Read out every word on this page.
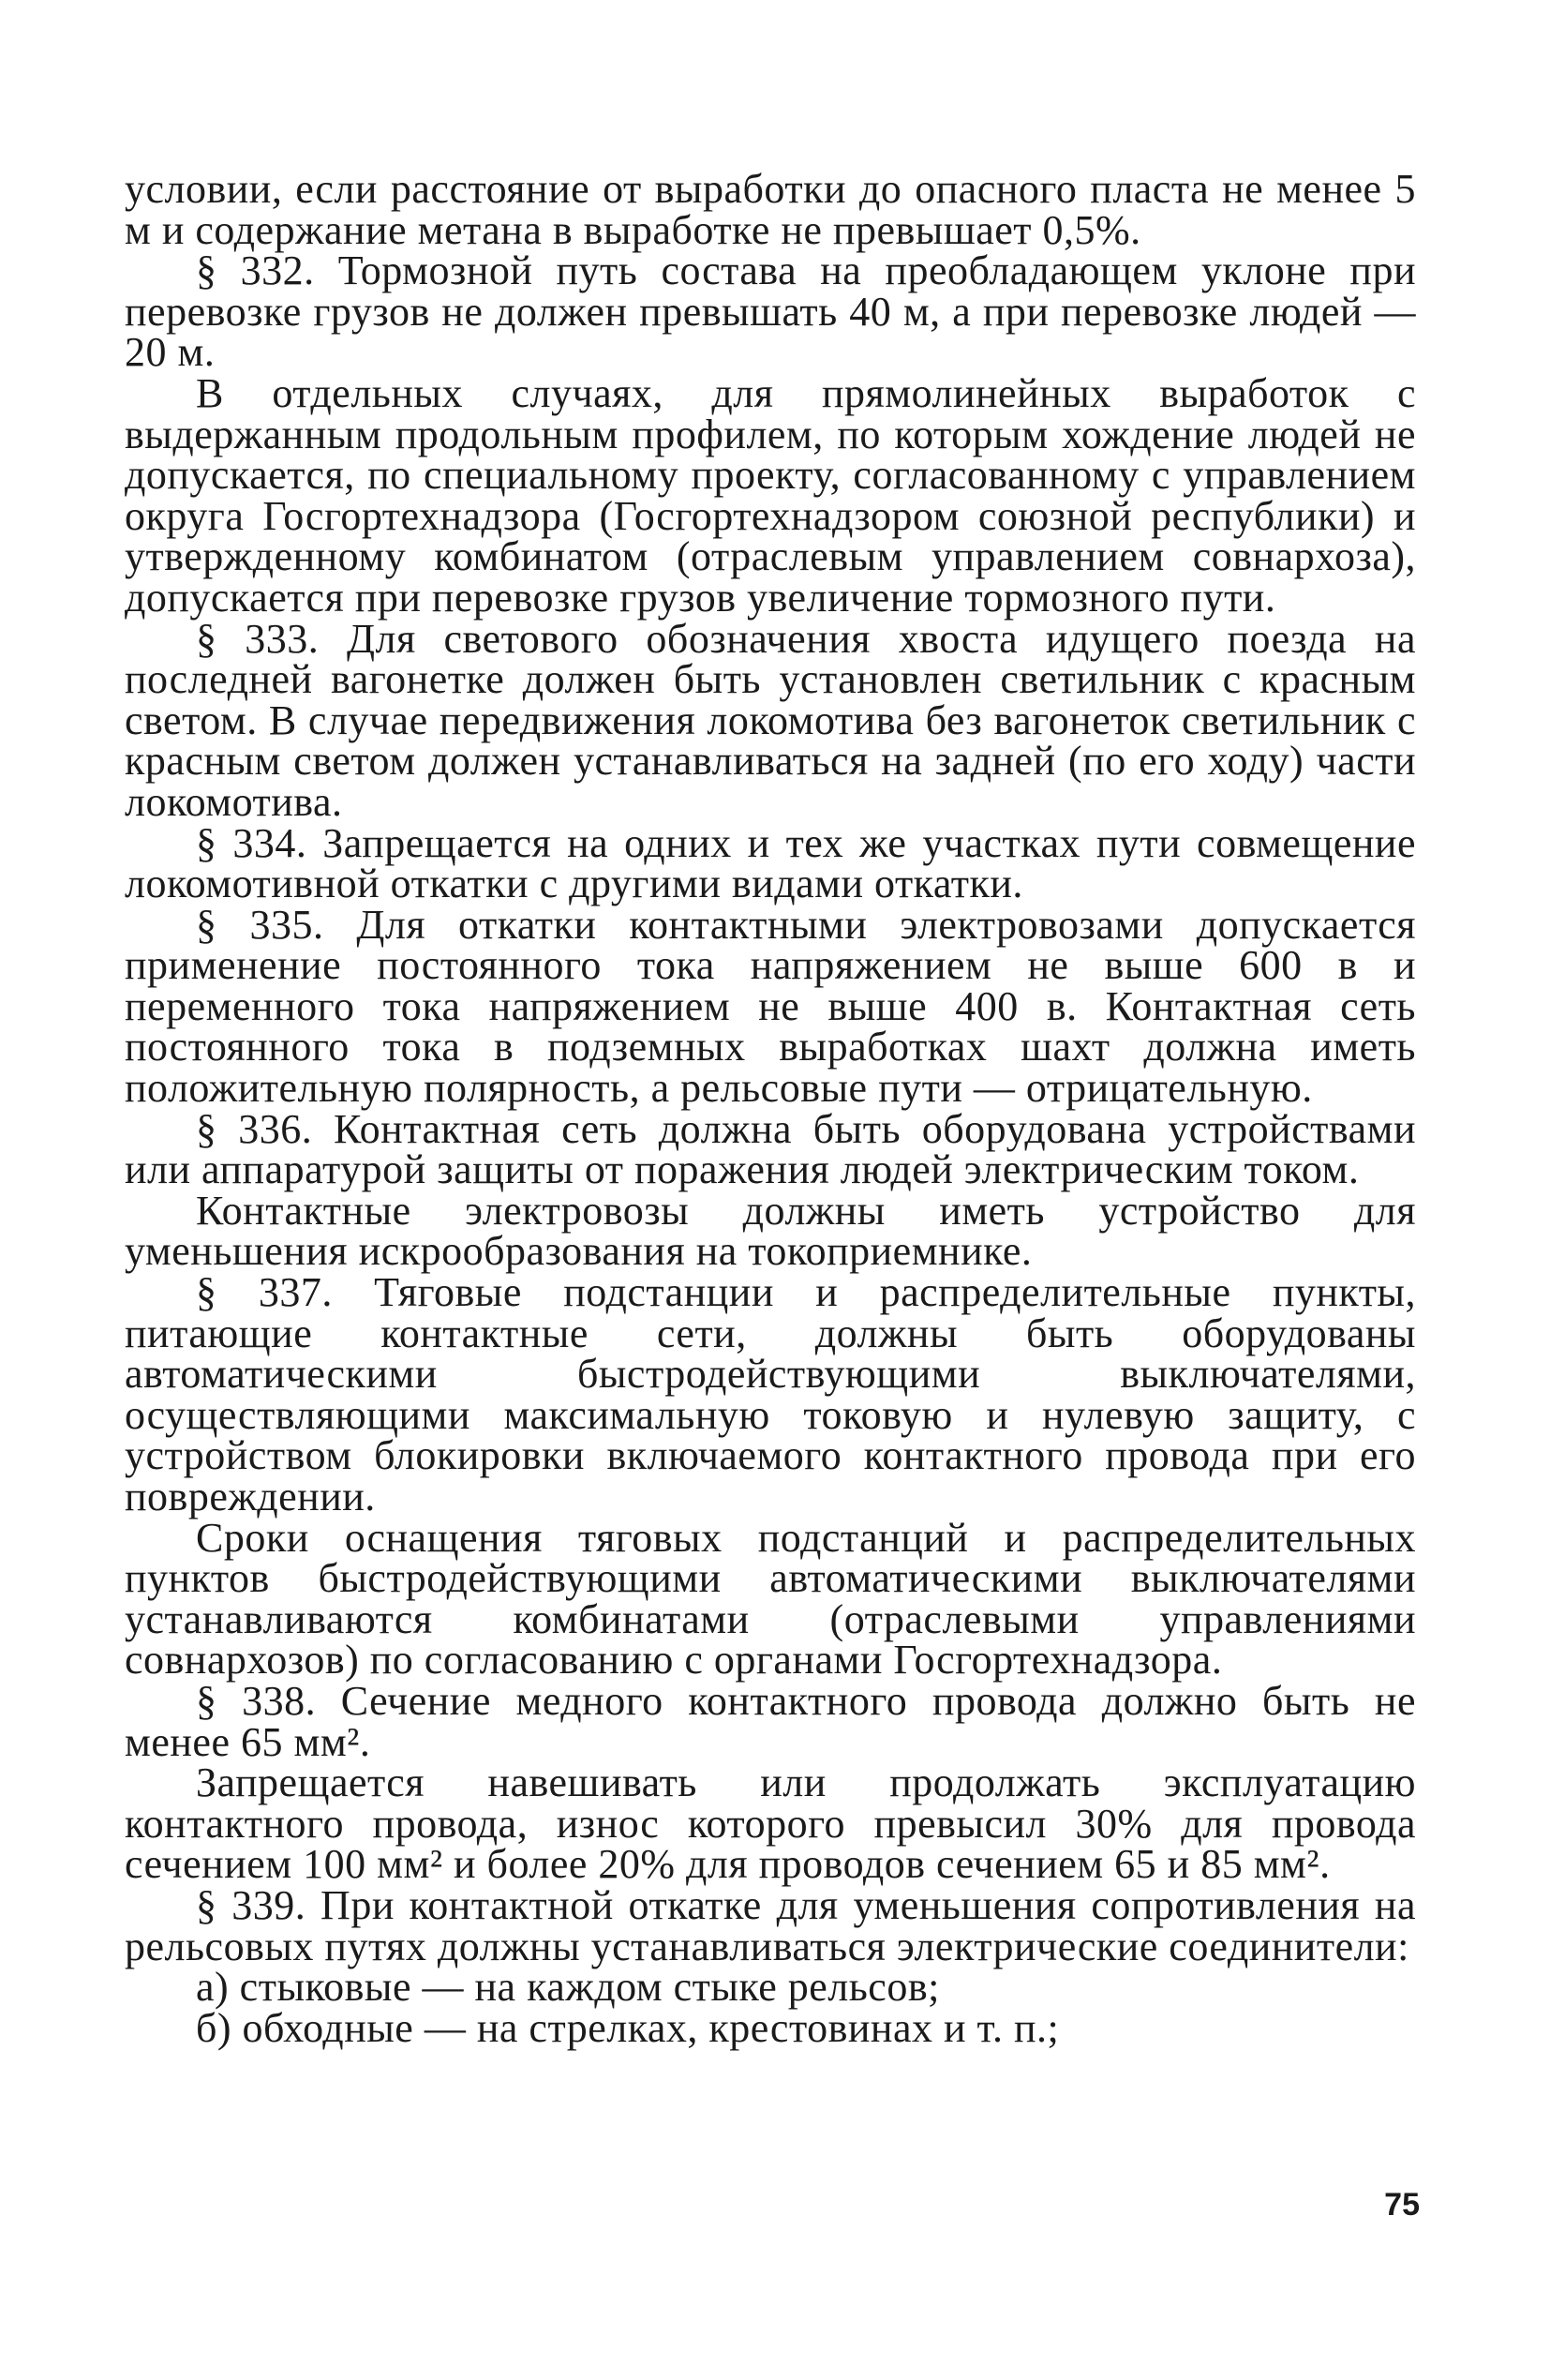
условии, если расстояние от выработки до опасного пласта не менее 5 м и содержание метана в выработке не превышает 0,5%.

§ 332. Тормозной путь состава на преобладающем уклоне при перевозке грузов не должен превышать 40 м, а при перевозке людей — 20 м.

В отдельных случаях, для прямолинейных выработок с выдержанным продольным профилем, по которым хождение людей не допускается, по специальному проекту, согласованному с управлением округа Госгортехнадзора (Госгортехнадзором союзной республики) и утвержденному комбинатом (отраслевым управлением совнархоза), допускается при перевозке грузов увеличение тормозного пути.

§ 333. Для светового обозначения хвоста идущего поезда на последней вагонетке должен быть установлен светильник с красным светом. В случае передвижения локомотива без вагонеток светильник с красным светом должен устанавливаться на задней (по его ходу) части локомотива.

§ 334. Запрещается на одних и тех же участках пути совмещение локомотивной откатки с другими видами откатки.

§ 335. Для откатки контактными электровозами допускается применение постоянного тока напряжением не выше 600 в и переменного тока напряжением не выше 400 в. Контактная сеть постоянного тока в подземных выработках шахт должна иметь положительную полярность, а рельсовые пути — отрицательную.

§ 336. Контактная сеть должна быть оборудована устройствами или аппаратурой защиты от поражения людей электрическим током.

Контактные электровозы должны иметь устройство для уменьшения искрообразования на токоприемнике.

§ 337. Тяговые подстанции и распределительные пункты, питающие контактные сети, должны быть оборудованы автоматическими быстродействующими выключателями, осуществляющими максимальную токовую и нулевую защиту, с устройством блокировки включаемого контактного провода при его повреждении.

Сроки оснащения тяговых подстанций и распределительных пунктов быстродействующими автоматическими выключателями устанавливаются комбинатами (отраслевыми управлениями совнархозов) по согласованию с органами Госгортехнадзора.

§ 338. Сечение медного контактного провода должно быть не менее 65 мм².

Запрещается навешивать или продолжать эксплуатацию контактного провода, износ которого превысил 30% для провода сечением 100 мм² и более 20% для проводов сечением 65 и 85 мм².

§ 339. При контактной откатке для уменьшения сопротивления на рельсовых путях должны устанавливаться электрические соединители:

а) стыковые — на каждом стыке рельсов;

б) обходные — на стрелках, крестовинах и т. п.;

75
